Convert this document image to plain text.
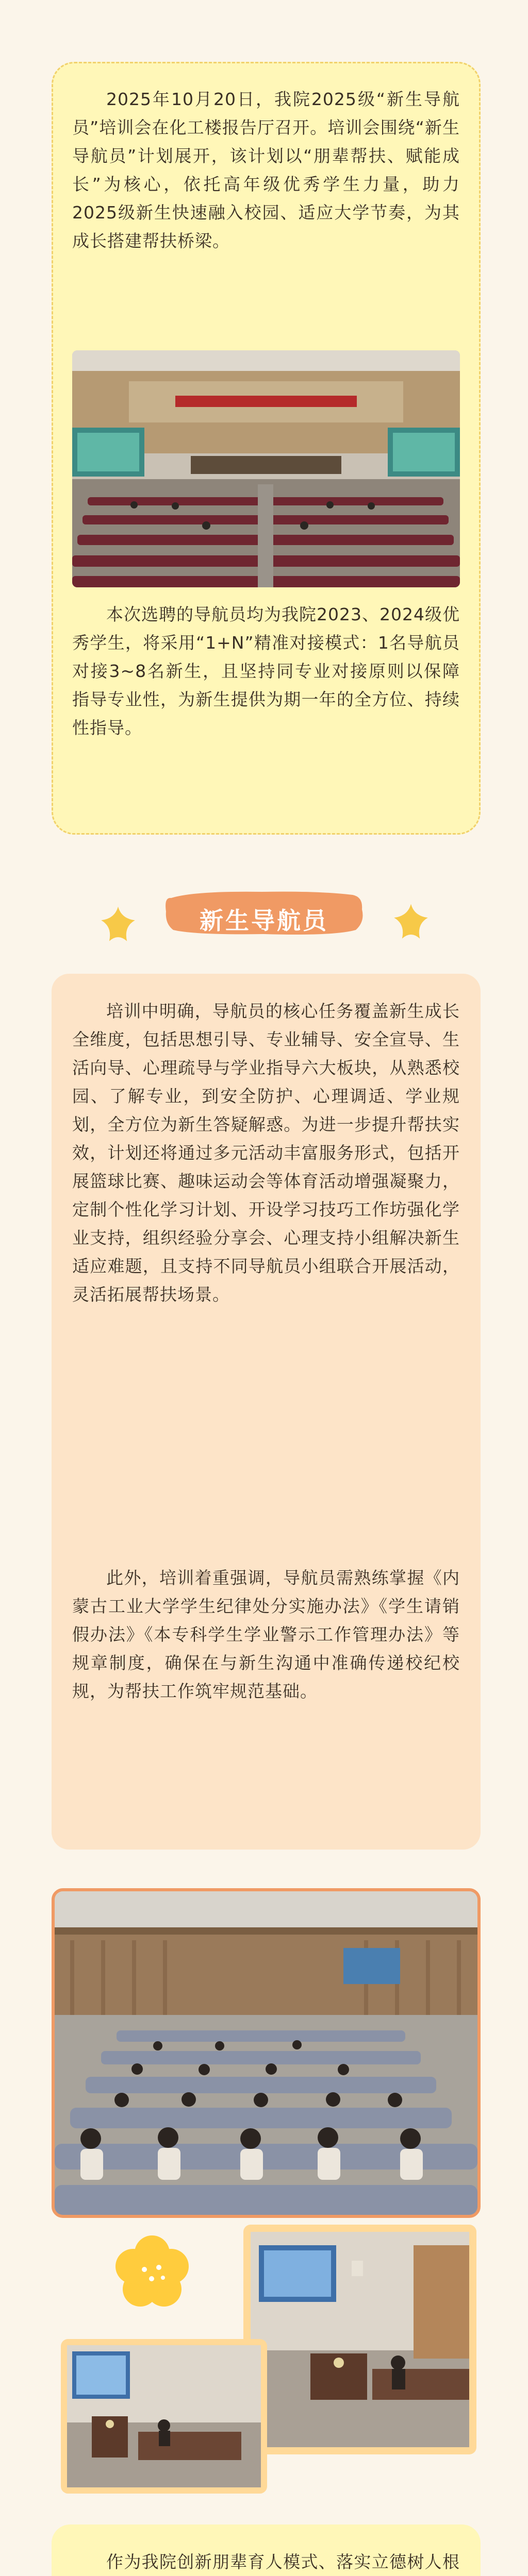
2025年10月20日，我院2025级“新生导航员”培训会在化工楼报告厅召开。培训会围绕“新生导航员”计划展开，该计划以“朋辈帮扶、赋能成长”为核心，依托高年级优秀学生力量，助力2025级新生快速融入校园、适应大学节奏，为其成长搭建帮扶桥梁。

本次选聘的导航员均为我院2023、2024级优秀学生，将采用“1+N”精准对接模式：1名导航员对接3~8名新生，且坚持同专业对接原则以保障指导专业性，为新生提供为期一年的全方位、持续性指导。

新生导航员

培训中明确，导航员的核心任务覆盖新生成长全维度，包括思想引导、专业辅导、安全宣导、生活向导、心理疏导与学业指导六大板块，从熟悉校园、了解专业，到安全防护、心理调适、学业规划，全方位为新生答疑解惑。为进一步提升帮扶实效，计划还将通过多元活动丰富服务形式，包括开展篮球比赛、趣味运动会等体育活动增强凝聚力，定制个性化学习计划、开设学习技巧工作坊强化学业支持，组织经验分享会、心理支持小组解决新生适应难题，且支持不同导航员小组联合开展活动，灵活拓展帮扶场景。

此外，培训着重强调，导航员需熟练掌握《内蒙古工业大学学生纪律处分实施办法》《学生请销假办法》《本专科学生学业警示工作管理办法》等规章制度，确保在与新生沟通中准确传递校纪校规，为帮扶工作筑牢规范基础。

作为我院创新朋辈育人模式、落实立德树人根
